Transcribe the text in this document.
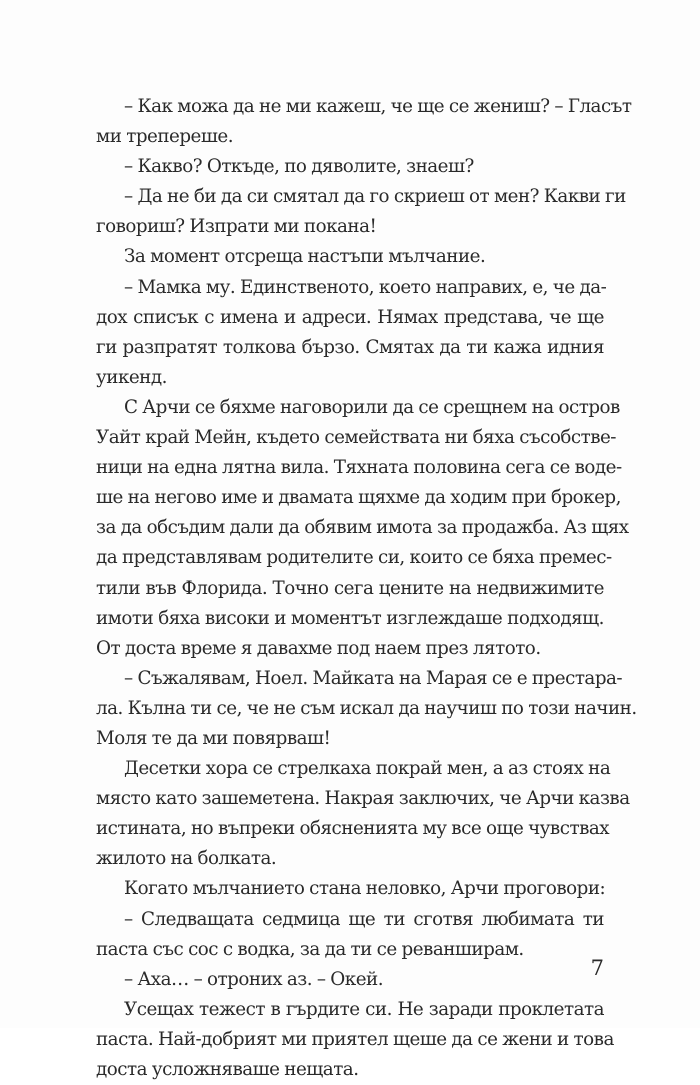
– Как можа да не ми кажеш, че ще се жениш? – Гласът
ми трепереше.
– Какво? Откъде, по дяволите, знаеш?
– Да не би да си смятал да го скриеш от мен? Какви ги
говориш? Изпрати ми покана!
За момент отсреща настъпи мълчание.
– Мамка му. Единственото, което направих, е, че да-
дох списък с имена и адреси. Нямах представа, че ще
ги разпратят толкова бързо. Смятах да ти кажа идния
уикенд.
С Арчи се бяхме наговорили да се срещнем на остров
Уайт край Мейн, където семействата ни бяха съсобстве-
ници на една лятна вила. Тяхната половина сега се воде-
ше на негово име и двамата щяхме да ходим при брокер,
за да обсъдим дали да обявим имота за продажба. Аз щях
да представлявам родителите си, които се бяха премес-
тили във Флорида. Точно сега цените на недвижимите
имоти бяха високи и моментът изглеждаше подходящ.
От доста време я давахме под наем през лятото.
– Съжалявам, Ноел. Майката на Марая се е престара-
ла. Кълна ти се, че не съм искал да научиш по този начин.
Моля те да ми повярваш!
Десетки хора се стрелкаха покрай мен, а аз стоях на
място като зашеметена. Накрая заключих, че Арчи казва
истината, но въпреки обясненията му все още чувствах
жилото на болката.
Когато мълчанието стана неловко, Арчи проговори:
– Следващата седмица ще ти сготвя любимата ти
паста със сос с водка, за да ти се реванширам.
– Аха… – отроних аз. – Окей.
Усещах тежест в гърдите си. Не заради проклетата
паста. Най-добрият ми приятел щеше да се жени и това
доста усложняваше нещата.
7
